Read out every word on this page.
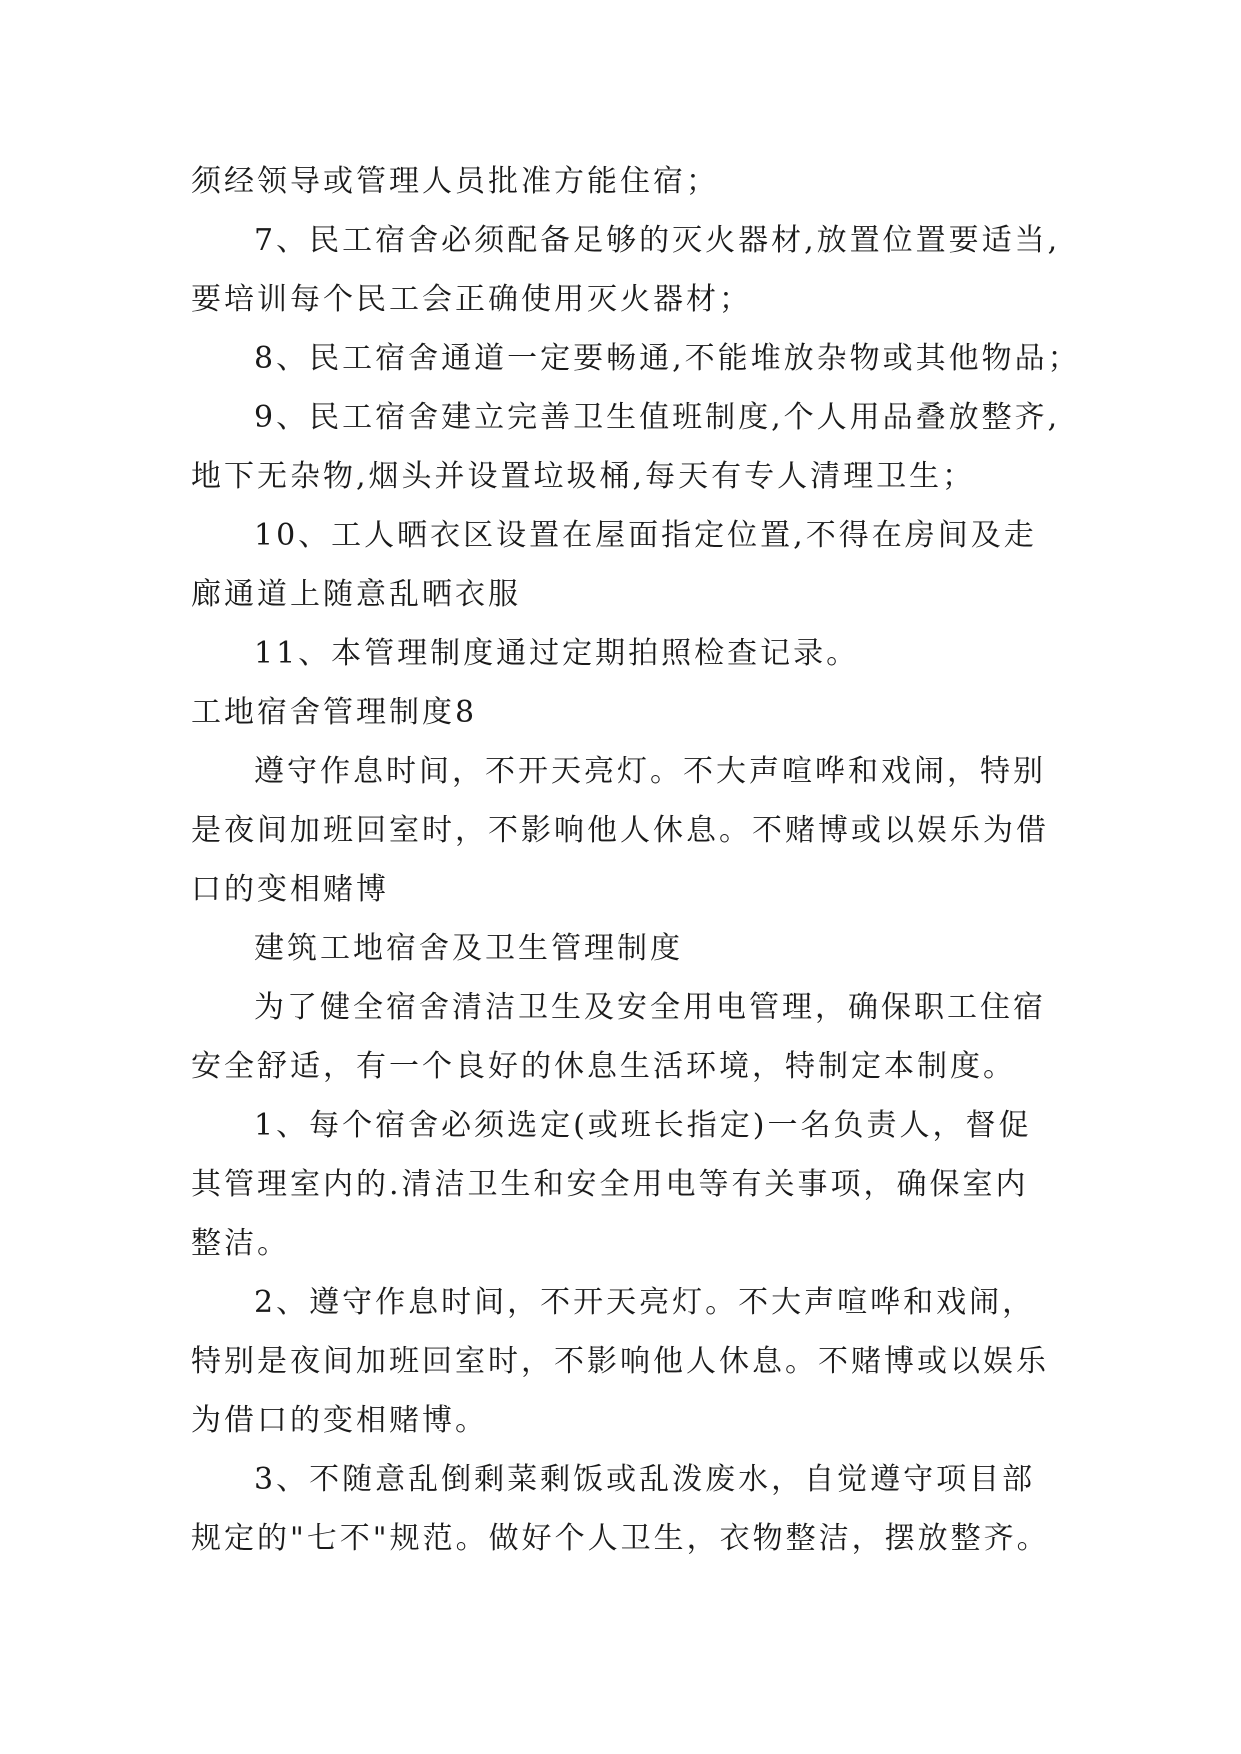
须经领导或管理人员批准方能住宿；
7、民工宿舍必须配备足够的灭火器材,放置位置要适当,
要培训每个民工会正确使用灭火器材；
8、民工宿舍通道一定要畅通,不能堆放杂物或其他物品；
9、民工宿舍建立完善卫生值班制度,个人用品叠放整齐,
地下无杂物,烟头并设置垃圾桶,每天有专人清理卫生；
10、工人晒衣区设置在屋面指定位置,不得在房间及走
廊通道上随意乱晒衣服
11、本管理制度通过定期拍照检查记录。
工地宿舍管理制度8
遵守作息时间，不开天亮灯。不大声喧哗和戏闹，特别
是夜间加班回室时，不影响他人休息。不赌博或以娱乐为借
口的变相赌博
建筑工地宿舍及卫生管理制度
为了健全宿舍清洁卫生及安全用电管理，确保职工住宿
安全舒适，有一个良好的休息生活环境，特制定本制度。
1、每个宿舍必须选定(或班长指定)一名负责人，督促
其管理室内的.清洁卫生和安全用电等有关事项，确保室内
整洁。
2、遵守作息时间，不开天亮灯。不大声喧哗和戏闹，
特别是夜间加班回室时，不影响他人休息。不赌博或以娱乐
为借口的变相赌博。
3、不随意乱倒剩菜剩饭或乱泼废水，自觉遵守项目部
规定的"七不"规范。做好个人卫生，衣物整洁，摆放整齐。
